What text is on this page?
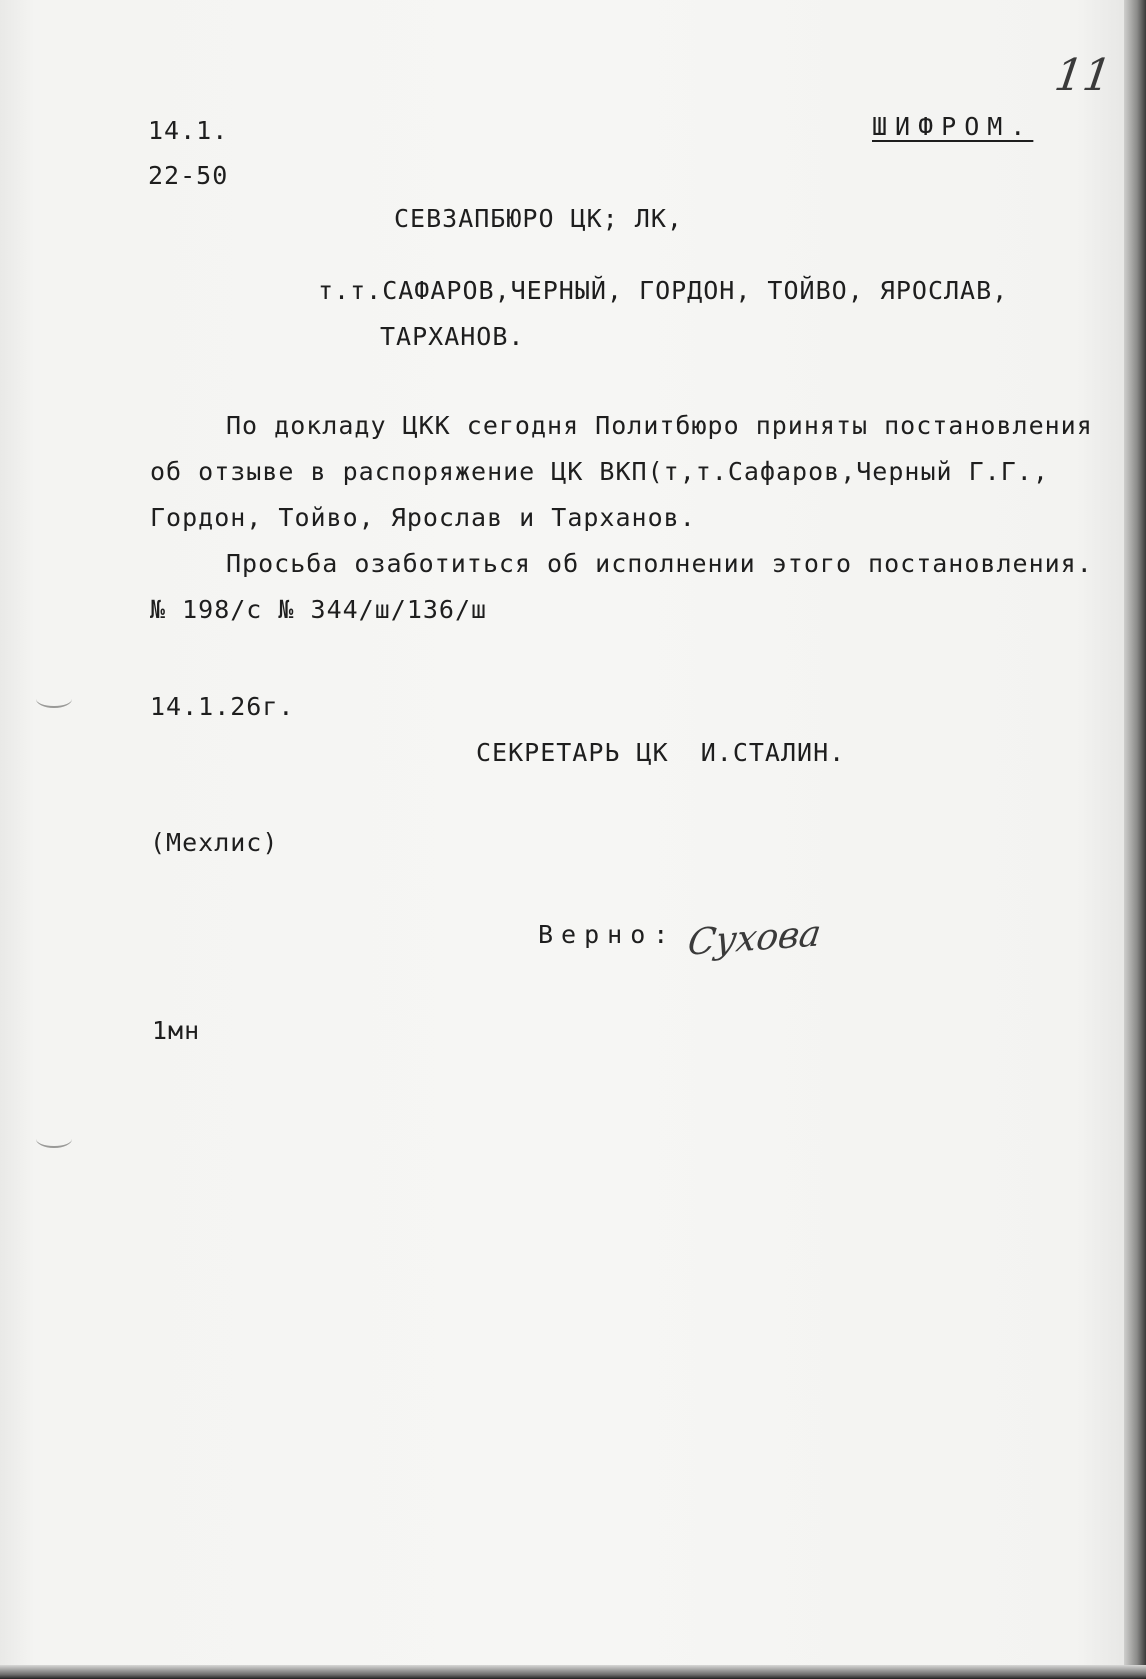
11
14.1.	ШИФРОМ.
22-50
СЕВЗАПБЮРО ЦК; ЛК,
т.т.САФАРОВ,ЧЕРНЫЙ, ГОРДОН, ТОЙВО, ЯРОСЛАВ,
ТАРХАНОВ.
По докладу ЦКК сегодня Политбюро приняты постановления
об отзыве в распоряжение ЦК ВКП(т,т.Сафаров,Черный Г.Г.,
Гордон, Тойво, Ярослав и Тарханов.
Просьба озаботиться об исполнении этого постановления.
№ 198/с № 344/ш/136/ш
14.1.26г.
СЕКРЕТАРЬ ЦК  И.СТАЛИН.
(Мехлис)
Верно: Сухова
1мн
